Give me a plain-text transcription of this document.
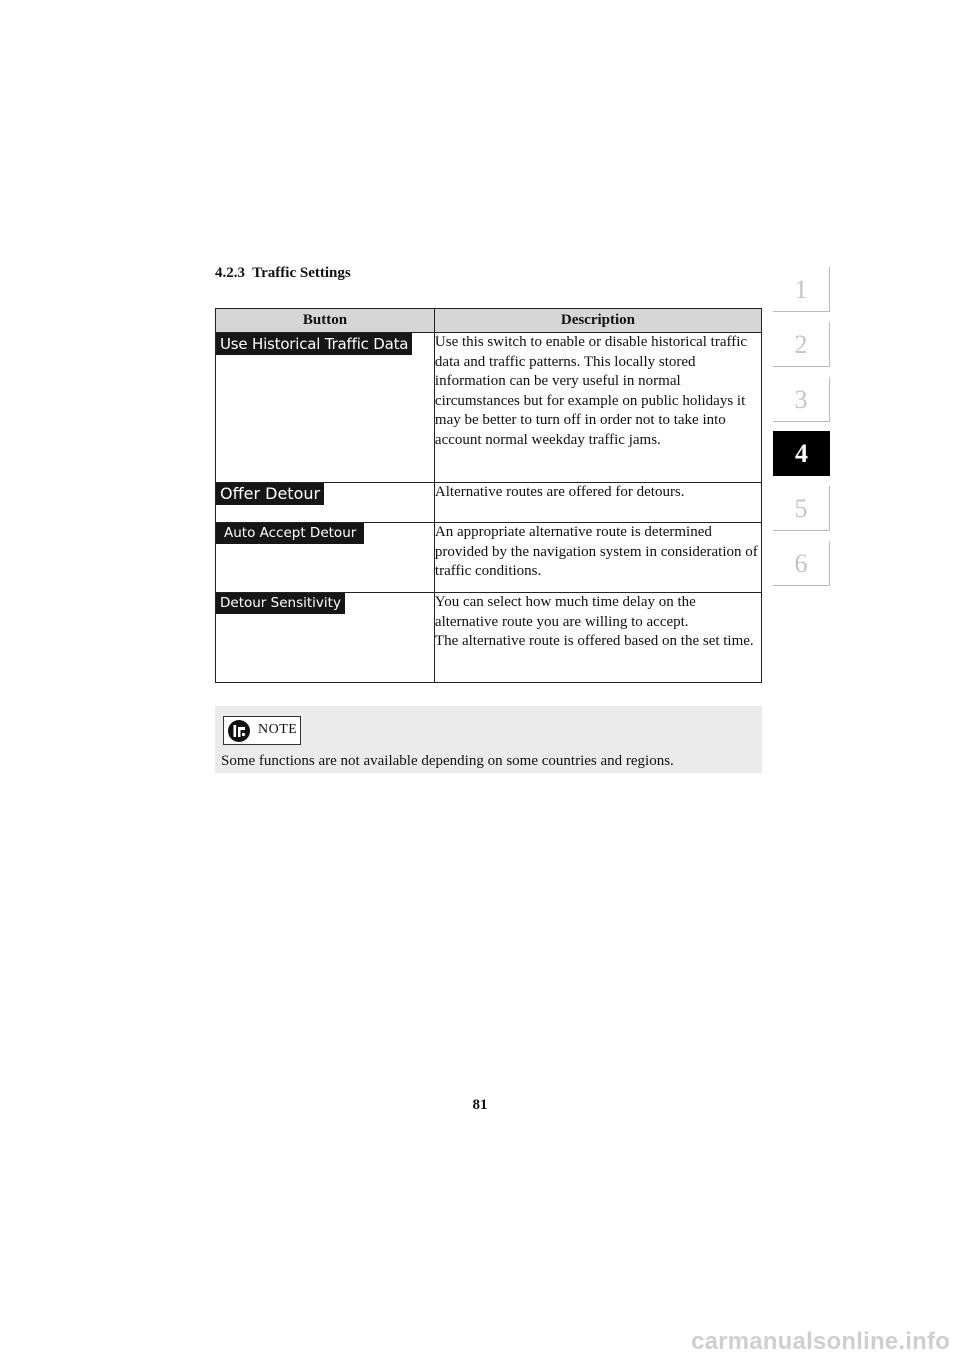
4.2.3 Traffic Settings
Button	Description
Use Historical Traffic Data	Use this switch to enable or disable historical traffic data and traffic patterns. This locally stored information can be very useful in normal circumstances but for example on public holidays it may be better to turn off in order not to take into account normal weekday traffic jams.
Offer Detour	Alternative routes are offered for detours.
Auto Accept Detour	An appropriate alternative route is determined provided by the navigation system in consideration of traffic conditions.
Detour Sensitivity	You can select how much time delay on the alternative route you are willing to accept.
The alternative route is offered based on the set time.
NOTE
Some functions are not available depending on some countries and regions.
81
1
2
3
4
5
6
carmanualsonline.info
